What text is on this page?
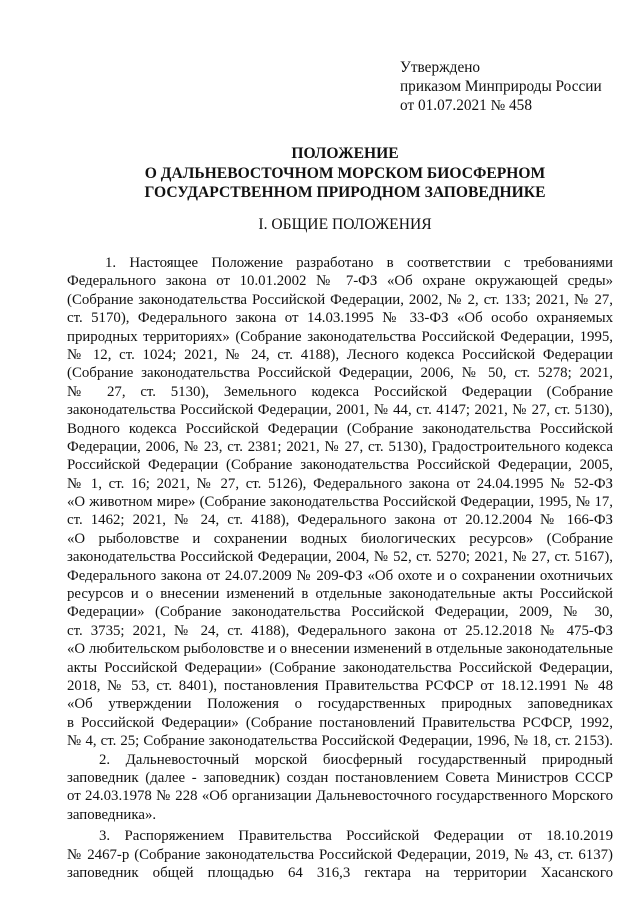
Утверждено
приказом Минприроды России
от 01.07.2021 № 458
ПОЛОЖЕНИЕ
О ДАЛЬНЕВОСТОЧНОМ МОРСКОМ БИОСФЕРНОМ
ГОСУДАРСТВЕННОМ ПРИРОДНОМ ЗАПОВЕДНИКЕ
I. ОБЩИЕ ПОЛОЖЕНИЯ
1. Настоящее Положение разработано в соответствии с требованиями
Федерального закона от 10.01.2002 № 7-ФЗ «Об охране окружающей среды»
(Собрание законодательства Российской Федерации, 2002, № 2, ст. 133; 2021, № 27,
ст. 5170), Федерального закона от 14.03.1995 № 33-ФЗ «Об особо охраняемых
природных территориях» (Собрание законодательства Российской Федерации, 1995,
№ 12, ст. 1024; 2021, № 24, ст. 4188), Лесного кодекса Российской Федерации
(Собрание законодательства Российской Федерации, 2006, № 50, ст. 5278; 2021,
№ 27, ст. 5130), Земельного кодекса Российской Федерации (Собрание
законодательства Российской Федерации, 2001, № 44, ст. 4147; 2021, № 27, ст. 5130),
Водного кодекса Российской Федерации (Собрание законодательства Российской
Федерации, 2006, № 23, ст. 2381; 2021, № 27, ст. 5130), Градостроительного кодекса
Российской Федерации (Собрание законодательства Российской Федерации, 2005,
№ 1, ст. 16; 2021, № 27, ст. 5126), Федерального закона от 24.04.1995 № 52-ФЗ
«О животном мире» (Собрание законодательства Российской Федерации, 1995, № 17,
ст. 1462; 2021, № 24, ст. 4188), Федерального закона от 20.12.2004 № 166-ФЗ
«О рыболовстве и сохранении водных биологических ресурсов» (Собрание
законодательства Российской Федерации, 2004, № 52, ст. 5270; 2021, № 27, ст. 5167),
Федерального закона от 24.07.2009 № 209-ФЗ «Об охоте и о сохранении охотничьих
ресурсов и о внесении изменений в отдельные законодательные акты Российской
Федерации» (Собрание законодательства Российской Федерации, 2009, № 30,
ст. 3735; 2021, № 24, ст. 4188), Федерального закона от 25.12.2018 № 475-ФЗ
«О любительском рыболовстве и о внесении изменений в отдельные законодательные
акты Российской Федерации» (Собрание законодательства Российской Федерации,
2018, № 53, ст. 8401), постановления Правительства РСФСР от 18.12.1991 № 48
«Об утверждении Положения о государственных природных заповедниках
в Российской Федерации» (Собрание постановлений Правительства РСФСР, 1992,
№ 4, ст. 25; Собрание законодательства Российской Федерации, 1996, № 18, ст. 2153).
2. Дальневосточный морской биосферный государственный природный
заповедник (далее - заповедник) создан постановлением Совета Министров СССР
от 24.03.1978 № 228 «Об организации Дальневосточного государственного Морского
заповедника».
3. Распоряжением Правительства Российской Федерации от 18.10.2019
№ 2467-р (Собрание законодательства Российской Федерации, 2019, № 43, ст. 6137)
заповедник общей площадью 64 316,3 гектара на территории Хасанского
